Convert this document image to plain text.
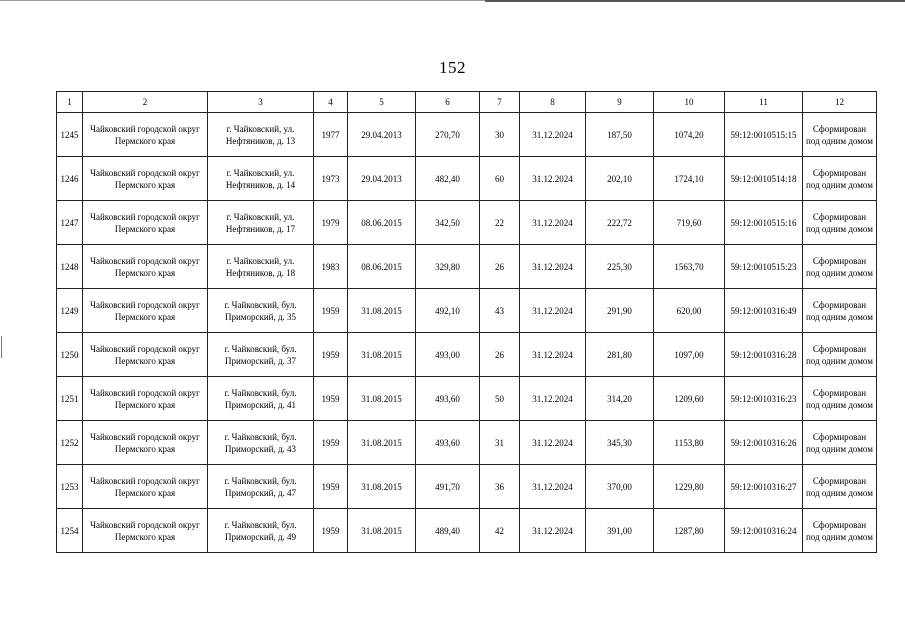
152
1	2	3	4	5	6	7	8	9	10	11	12
1245	Чайковский городской округ Пермского края	г. Чайковский, ул. Нефтяников, д. 13	1977	29.04.2013	270,70	30	31.12.2024	187,50	1074,20	59:12:0010515:15	Сформирован под одним домом
1246	Чайковский городской округ Пермского края	г. Чайковский, ул. Нефтяников, д. 14	1973	29.04.2013	482,40	60	31.12.2024	202,10	1724,10	59:12:0010514:18	Сформирован под одним домом
1247	Чайковский городской округ Пермского края	г. Чайковский, ул. Нефтяников, д. 17	1979	08.06.2015	342,50	22	31.12.2024	222,72	719,60	59:12:0010515:16	Сформирован под одним домом
1248	Чайковский городской округ Пермского края	г. Чайковский, ул. Нефтяников, д. 18	1983	08.06.2015	329,80	26	31.12.2024	225,30	1563,70	59:12:0010515:23	Сформирован под одним домом
1249	Чайковский городской округ Пермского края	г. Чайковский, бул. Приморский, д. 35	1959	31.08.2015	492,10	43	31.12.2024	291,90	620,00	59:12:0010316:49	Сформирован под одним домом
1250	Чайковский городской округ Пермского края	г. Чайковский, бул. Приморский, д. 37	1959	31.08.2015	493,00	26	31.12.2024	281,80	1097,00	59:12:0010316:28	Сформирован под одним домом
1251	Чайковский городской округ Пермского края	г. Чайковский, бул. Приморский, д. 41	1959	31.08.2015	493,60	50	31.12.2024	314,20	1209,60	59:12:0010316:23	Сформирован под одним домом
1252	Чайковский городской округ Пермского края	г. Чайковский, бул. Приморский, д. 43	1959	31.08.2015	493,60	31	31.12.2024	345,30	1153,80	59:12:0010316:26	Сформирован под одним домом
1253	Чайковский городской округ Пермского края	г. Чайковский, бул. Приморский, д. 47	1959	31.08.2015	491,70	36	31.12.2024	370,00	1229,80	59:12:0010316:27	Сформирован под одним домом
1254	Чайковский городской округ Пермского края	г. Чайковский, бул. Приморский, д. 49	1959	31.08.2015	489,40	42	31.12.2024	391,00	1287,80	59:12:0010316:24	Сформирован под одним домом
